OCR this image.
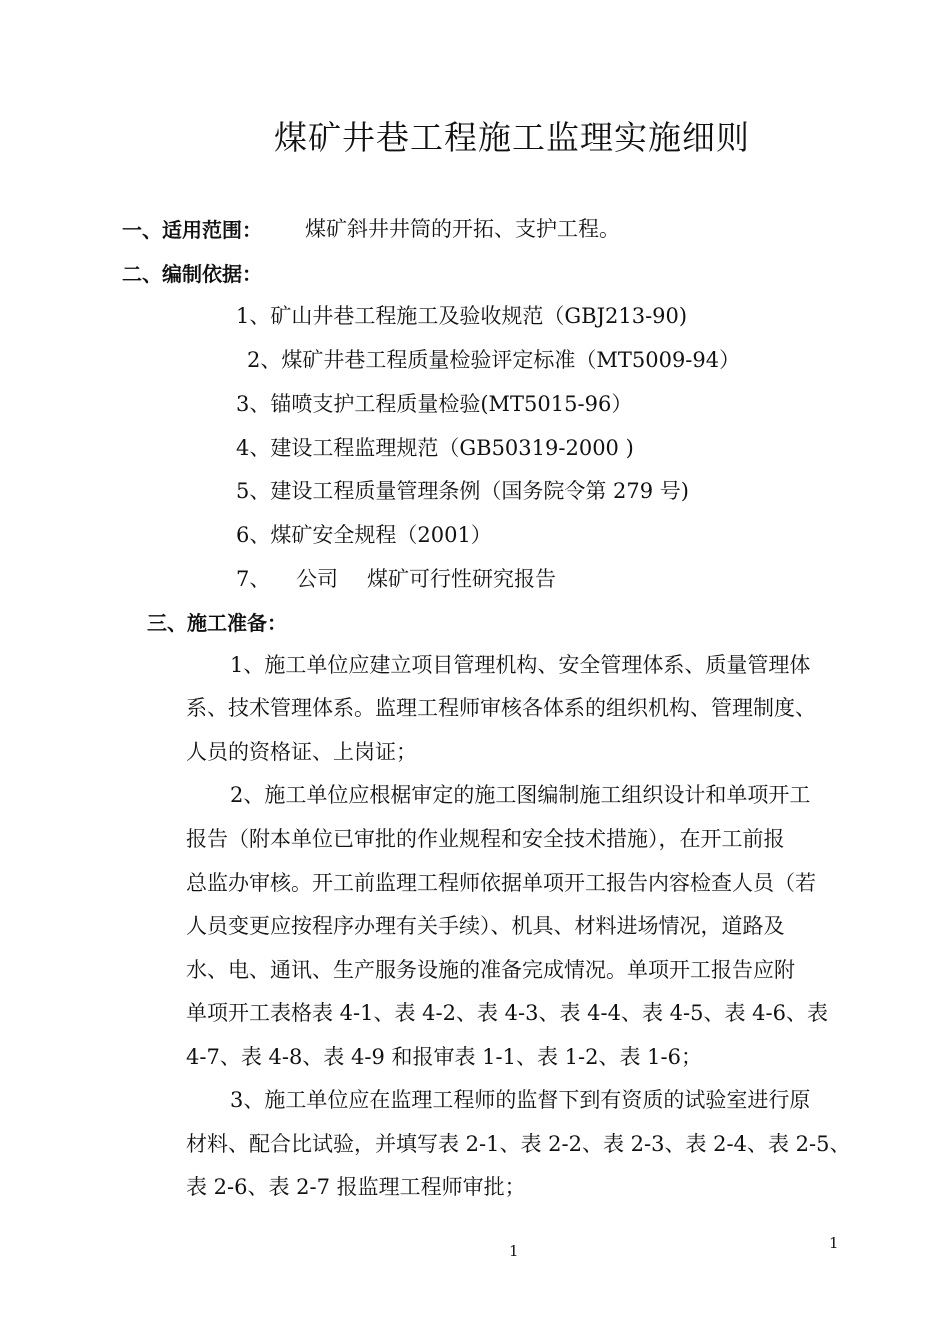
煤矿井巷工程施工监理实施细则
一、适用范围： 煤矿斜井井筒的开拓、支护工程。
二、编制依据：
1、矿山井巷工程施工及验收规范（GBJ213-90)
2、煤矿井巷工程质量检验评定标准（MT5009-94）
3、锚喷支护工程质量检验(MT5015-96）
4、建设工程监理规范（GB50319-2000 )
5、建设工程质量管理条例（国务院令第 279 号)
6、煤矿安全规程（2001）
7、 公司 煤矿可行性研究报告
三、施工准备：
1、施工单位应建立项目管理机构、安全管理体系、质量管理体
系、技术管理体系。监理工程师审核各体系的组织机构、管理制度、
人员的资格证、上岗证；
2、施工单位应根椐审定的施工图编制施工组织设计和单项开工
报告（附本单位已审批的作业规程和安全技术措施），在开工前报
总监办审核。开工前监理工程师依据单项开工报告内容检查人员（若
人员变更应按程序办理有关手续）、机具、材料进场情况，道路及
水、电、通讯、生产服务设施的准备完成情况。单项开工报告应附
单项开工表格表 4-1、表 4-2、表 4-3、表 4-4、表 4-5、表 4-6、表
4-7、表 4-8、表 4-9 和报审表 1-1、表 1-2、表 1-6；
3、施工单位应在监理工程师的监督下到有资质的试验室进行原
材料、配合比试验，并填写表 2-1、表 2-2、表 2-3、表 2-4、表 2-5、
表 2-6、表 2-7 报监理工程师审批；
1	1
